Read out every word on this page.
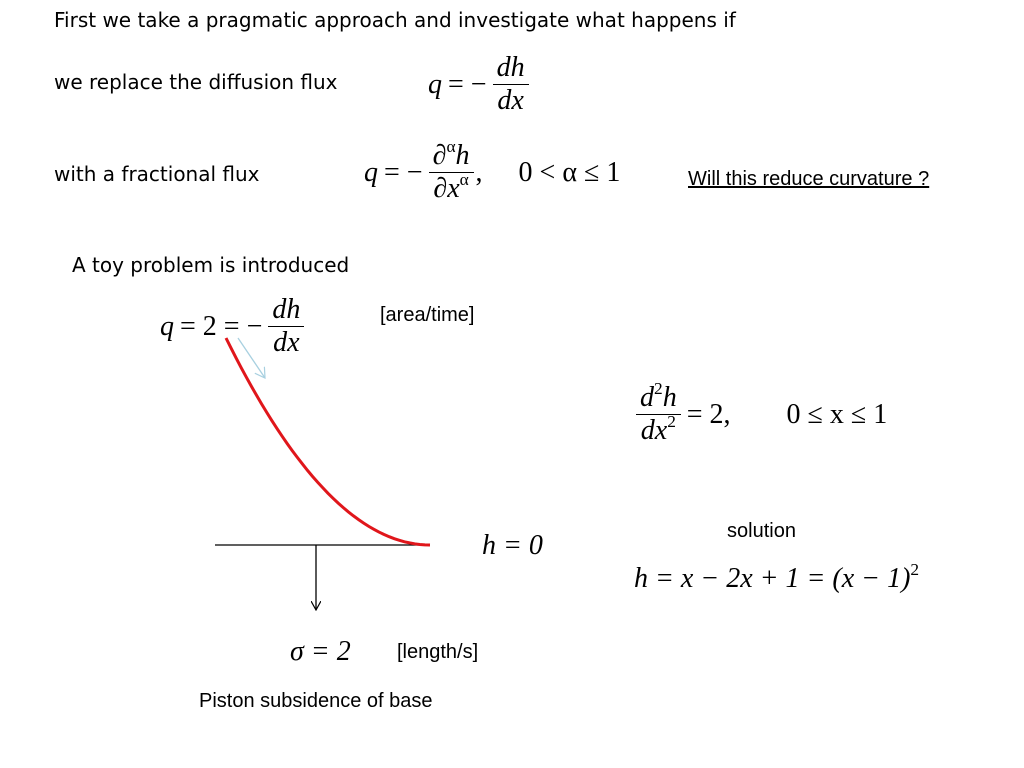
First we take a pragmatic approach and investigate what happens if
we replace the diffusion flux	q = − $\frac{dh}{dx}$
with a fractional flux	q = − $\frac{\partial^\alpha h}{\partial x^\alpha}$ ,	0 < α ≤ 1	Will this reduce curvature ?
A toy problem is introduced
q = 2 = − $\frac{dh}{dx}$	[area/time]
$\frac{d^2h}{dx^2} = 2$,	0 ≤ x ≤ 1
h = 0	solution
$h = x - 2x + 1 = (x - 1)^2$
σ = 2 [length/s]
Piston subsidence of base
